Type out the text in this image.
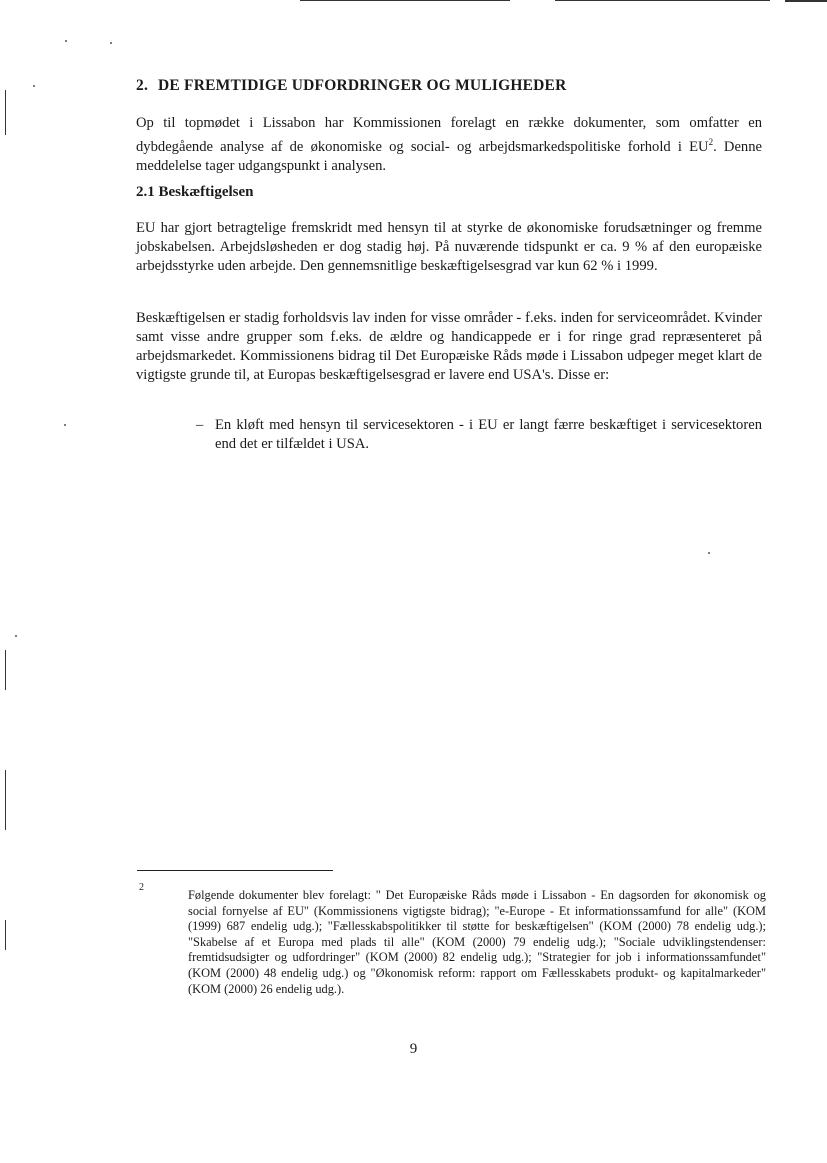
2. DE FREMTIDIGE UDFORDRINGER OG MULIGHEDER
Op til topmødet i Lissabon har Kommissionen forelagt en række dokumenter, som omfatter en dybdegående analyse af de økonomiske og social- og arbejdsmarkedspolitiske forhold i $EU^2$. Denne meddelelse tager udgangspunkt i analysen.
2.1 Beskæftigelsen
EU har gjort betragtelige fremskridt med hensyn til at styrke de økonomiske forudsætninger og fremme jobskabelsen. Arbejdsløsheden er dog stadig høj. På nuværende tidspunkt er ca. 9 % af den europæiske arbejdsstyrke uden arbejde. Den gennemsnitlige beskæftigelsesgrad var kun 62 % i 1999.
Beskæftigelsen er stadig forholdsvis lav inden for visse områder - f.eks. inden for serviceområdet. Kvinder samt visse andre grupper som f.eks. de ældre og handicappede er i for ringe grad repræsenteret på arbejdsmarkedet. Kommissionens bidrag til Det Europæiske Råds møde i Lissabon udpeger meget klart de vigtigste grunde til, at Europas beskæftigelsesgrad er lavere end USA's. Disse er:
– En kløft med hensyn til servicesektoren - i EU er langt færre beskæftiget i servicesektoren end det er tilfældet i USA.
2
Følgende dokumenter blev forelagt: " Det Europæiske Råds møde i Lissabon - En dagsorden for økonomisk og social fornyelse af EU" (Kommissionens vigtigste bidrag); "e-Europe - Et informationssamfund for alle" (KOM (1999) 687 endelig udg.); "Fællesskabspolitikker til støtte for beskæftigelsen" (KOM (2000) 78 endelig udg.); "Skabelse af et Europa med plads til alle" (KOM (2000) 79 endelig udg.); "Sociale udviklingstendenser: fremtidsudsigter og udfordringer" (KOM (2000) 82 endelig udg.); "Strategier for job i informationssamfundet" (KOM (2000) 48 endelig udg.) og "Økonomisk reform: rapport om Fællesskabets produkt- og kapitalmarkeder" (KOM (2000) 26 endelig udg.).
9
